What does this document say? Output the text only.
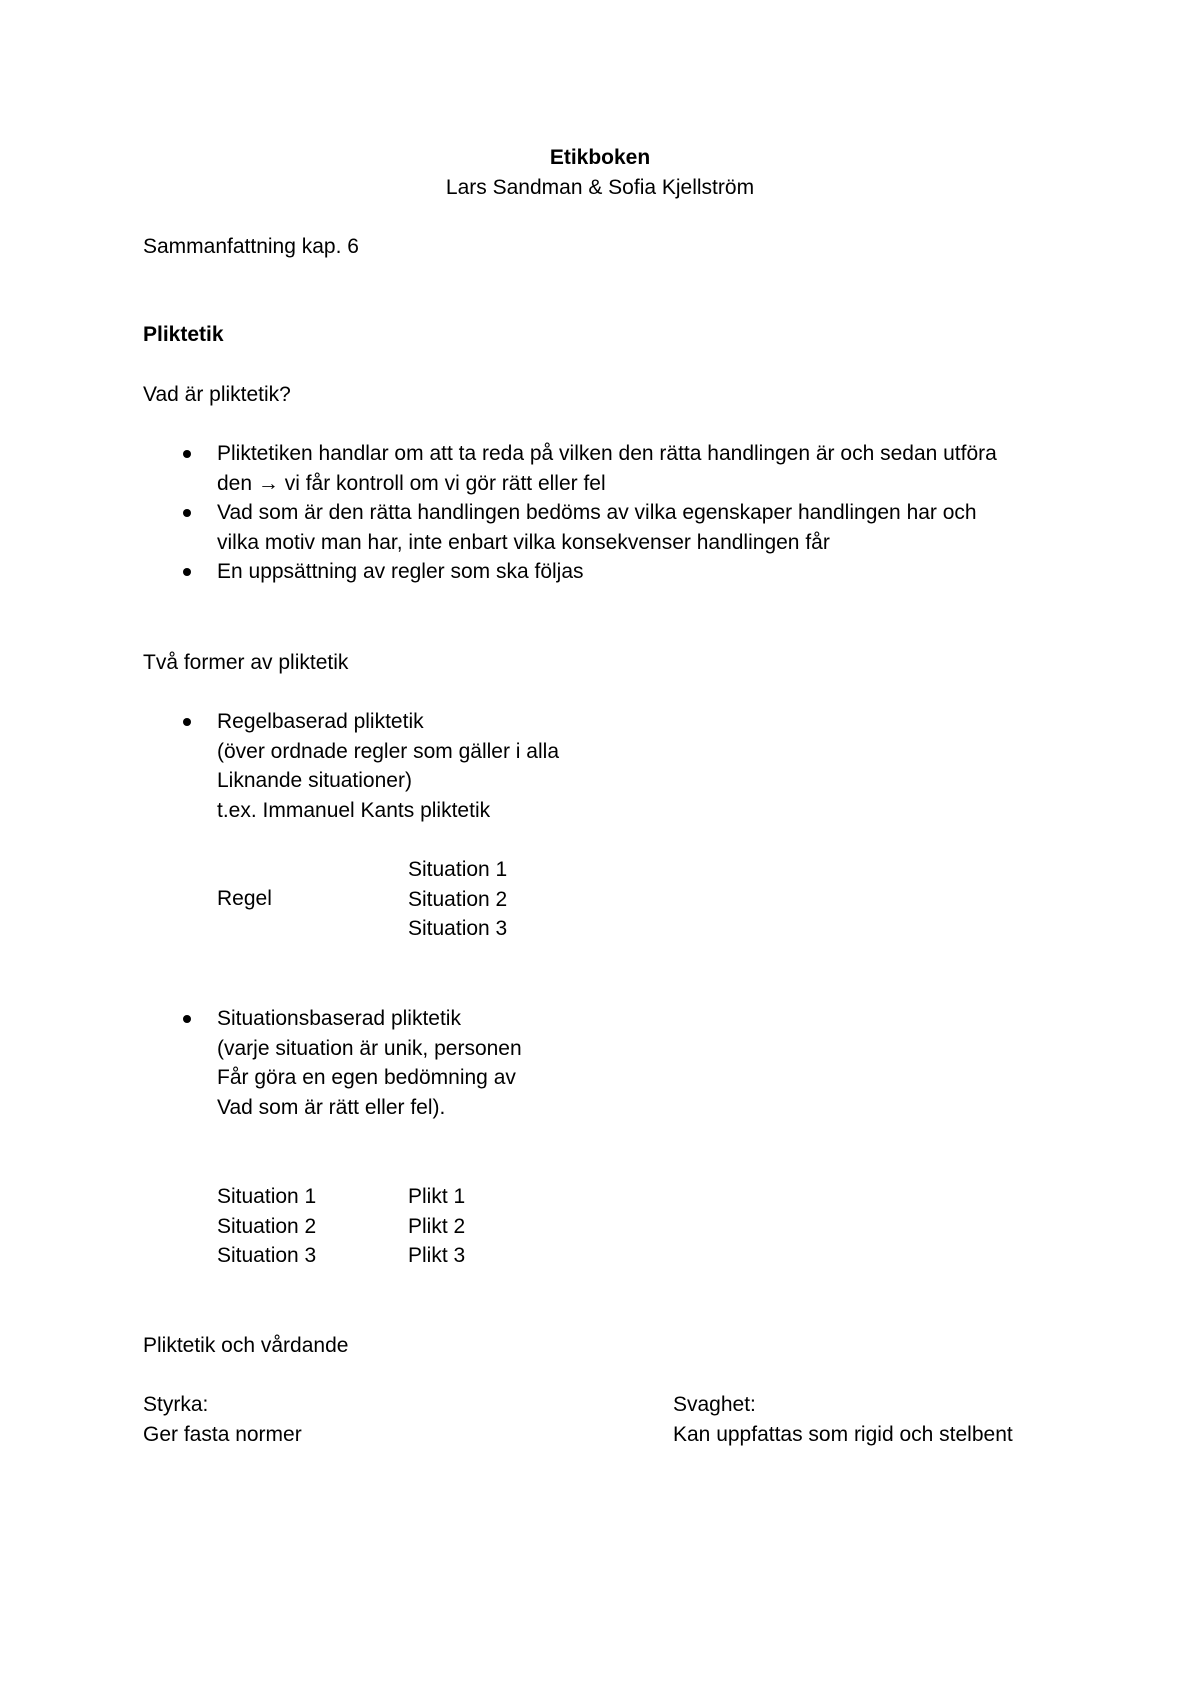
Etikboken
Lars Sandman & Sofia Kjellström
Sammanfattning kap. 6
Pliktetik
Vad är pliktetik?
Pliktetiken handlar om att ta reda på vilken den rätta handlingen är och sedan utföra
den → vi får kontroll om vi gör rätt eller fel
Vad som är den rätta handlingen bedöms av vilka egenskaper handlingen har och
vilka motiv man har, inte enbart vilka konsekvenser handlingen får
En uppsättning av regler som ska följas
Två former av pliktetik
Regelbaserad pliktetik
(över ordnade regler som gäller i alla
Liknande situationer)
t.ex. Immanuel Kants pliktetik
Regel
Situation 1
Situation 2
Situation 3
Situationsbaserad pliktetik
(varje situation är unik, personen
Får göra en egen bedömning av
Vad som är rätt eller fel).
Situation 1
Situation 2
Situation 3
Plikt 1
Plikt 2
Plikt 3
Pliktetik och vårdande
Styrka:
Ger fasta normer
Svaghet:
Kan uppfattas som rigid och stelbent
